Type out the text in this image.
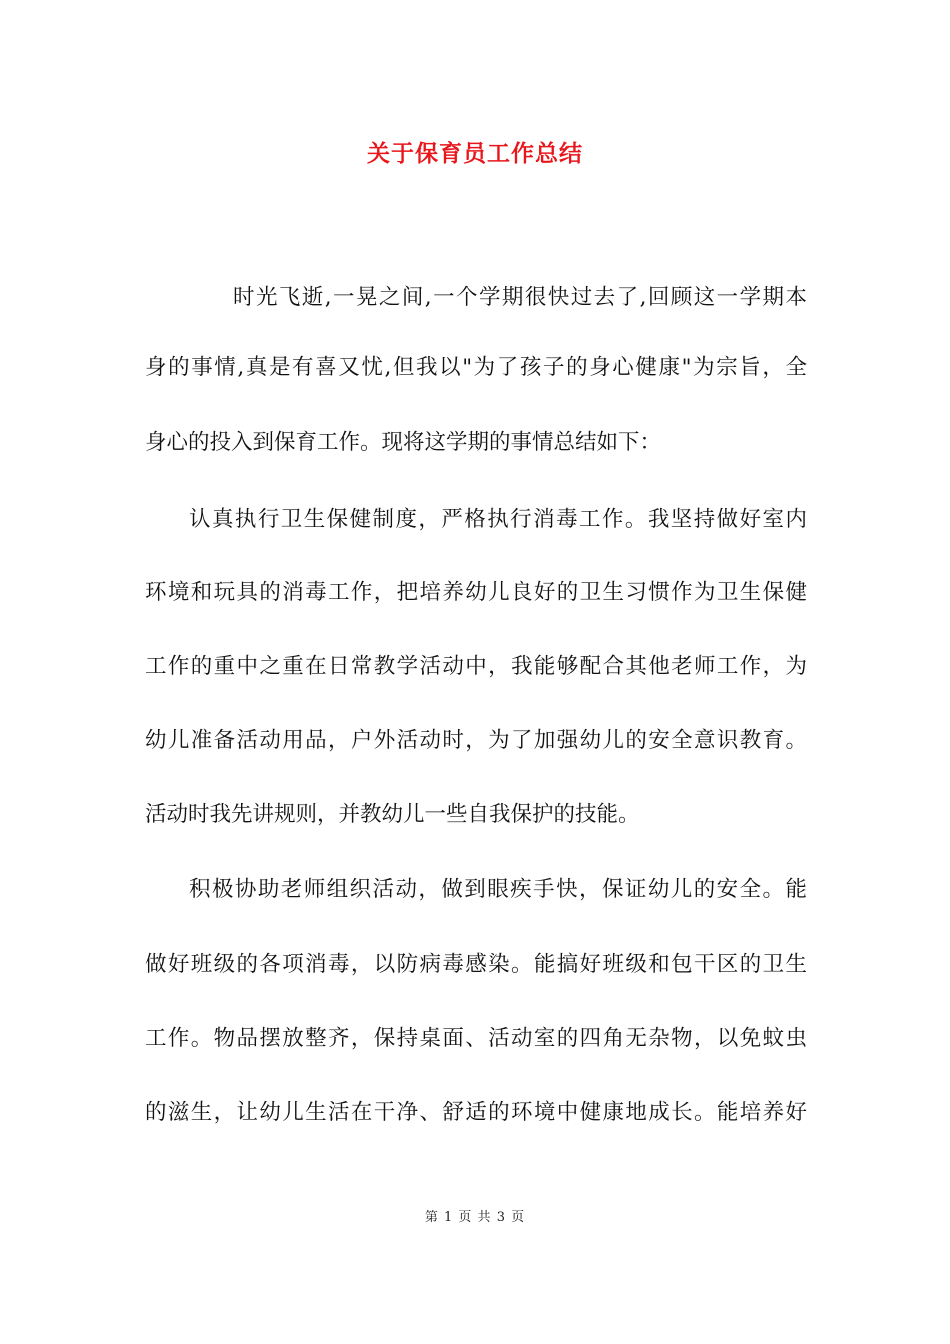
关于保育员工作总结
时光飞逝,一晃之间,一个学期很快过去了,回顾这一学期本
身的事情,真是有喜又忧,但我以"为了孩子的身心健康"为宗旨，全
身心的投入到保育工作。现将这学期的事情总结如下：
认真执行卫生保健制度，严格执行消毒工作。我坚持做好室内
环境和玩具的消毒工作，把培养幼儿良好的卫生习惯作为卫生保健
工作的重中之重在日常教学活动中，我能够配合其他老师工作，为
幼儿准备活动用品，户外活动时，为了加强幼儿的安全意识教育。
活动时我先讲规则，并教幼儿一些自我保护的技能。
积极协助老师组织活动，做到眼疾手快，保证幼儿的安全。能
做好班级的各项消毒，以防病毒感染。能搞好班级和包干区的卫生
工作。物品摆放整齐，保持桌面、活动室的四角无杂物，以免蚊虫
的滋生，让幼儿生活在干净、舒适的环境中健康地成长。能培养好
第 1 页 共 3 页
